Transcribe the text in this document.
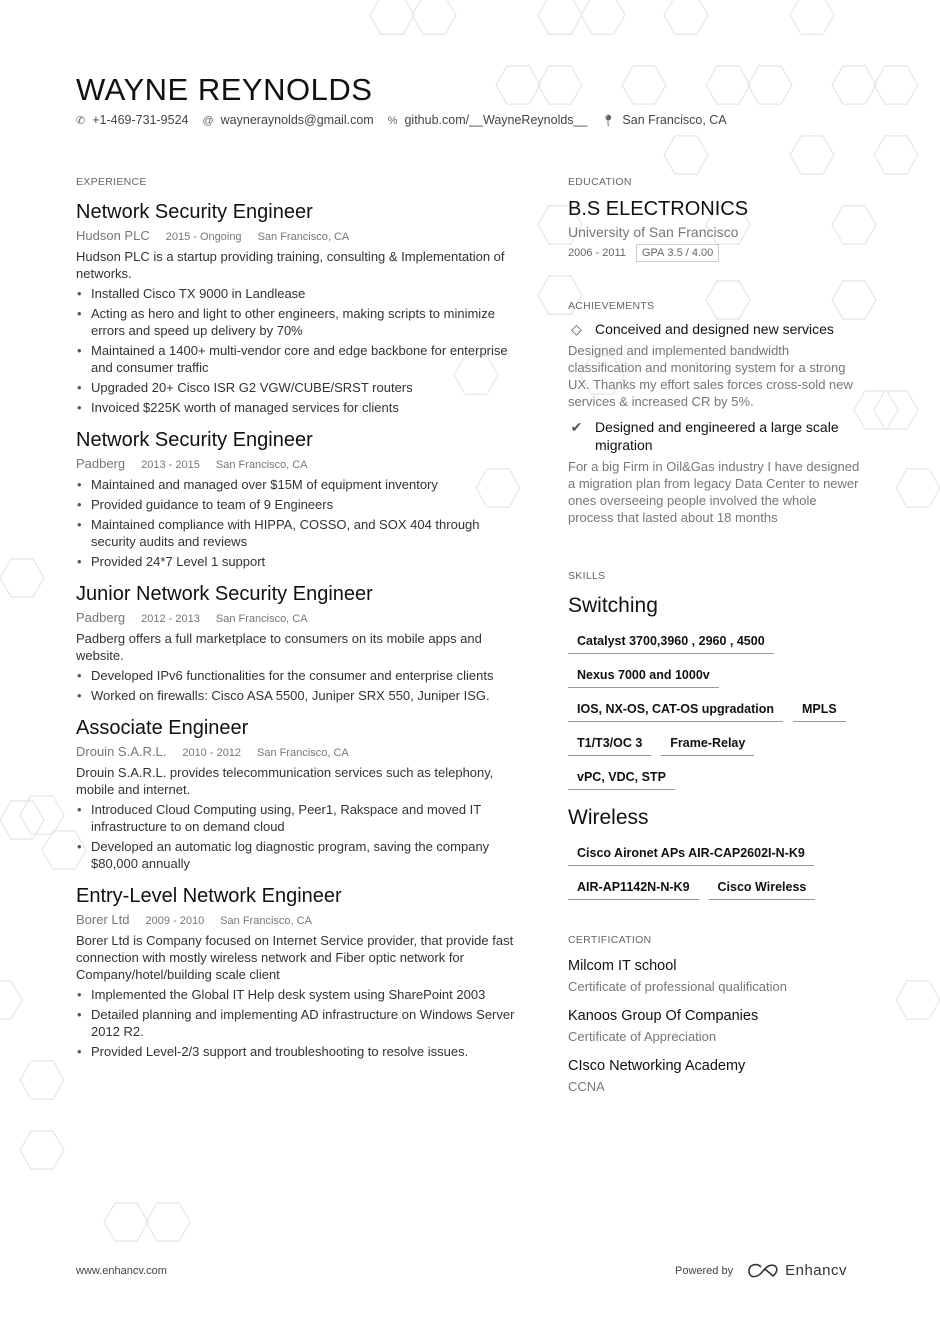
WAYNE REYNOLDS
✆ +1-469-731-9524 @ wayneraynolds@gmail.com % github.com/__WayneReynolds__ 📍︎ San Francisco, CA
EXPERIENCE
Network Security Engineer
Hudson PLC 2015 - Ongoing San Francisco, CA
Hudson PLC is a startup providing training, consulting & Implementation of networks.
• Installed Cisco TX 9000 in Landlease
• Acting as hero and light to other engineers, making scripts to minimize errors and speed up delivery by 70%
• Maintained a 1400+ multi-vendor core and edge backbone for enterprise and consumer traffic
• Upgraded 20+ Cisco ISR G2 VGW/CUBE/SRST routers
• Invoiced $225K worth of managed services for clients
Network Security Engineer
Padberg 2013 - 2015 San Francisco, CA
• Maintained and managed over $15M of equipment inventory
• Provided guidance to team of 9 Engineers
• Maintained compliance with HIPPA, COSSO, and SOX 404 through security audits and reviews
• Provided 24*7 Level 1 support
Junior Network Security Engineer
Padberg 2012 - 2013 San Francisco, CA
Padberg offers a full marketplace to consumers on its mobile apps and website.
• Developed IPv6 functionalities for the consumer and enterprise clients
• Worked on firewalls: Cisco ASA 5500, Juniper SRX 550, Juniper ISG.
Associate Engineer
Drouin S.A.R.L. 2010 - 2012 San Francisco, CA
Drouin S.A.R.L. provides telecommunication services such as telephony, mobile and internet.
• Introduced Cloud Computing using, Peer1, Rakspace and moved IT infrastructure to on demand cloud
• Developed an automatic log diagnostic program, saving the company $80,000 annually
Entry-Level Network Engineer
Borer Ltd 2009 - 2010 San Francisco, CA
Borer Ltd is Company focused on Internet Service provider, that provide fast connection with mostly wireless network and Fiber optic network for Company/hotel/building scale client
• Implemented the Global IT Help desk system using SharePoint 2003
• Detailed planning and implementing AD infrastructure on Windows Server 2012 R2.
• Provided Level-2/3 support and troubleshooting to resolve issues.
EDUCATION
B.S ELECTRONICS
University of San Francisco
2006 - 2011	GPA 3.5 / 4.00
ACHIEVEMENTS
◇ Conceived and designed new services
Designed and implemented bandwidth classification and monitoring system for a strong UX. Thanks my effort sales forces cross-sold new services & increased CR by 5%.
✔ Designed and engineered a large scale migration
For a big Firm in Oil&Gas industry I have designed a migration plan from legacy Data Center to newer ones overseeing people involved the whole process that lasted about 18 months
SKILLS
Switching
Catalyst 3700,3960 , 2960 , 4500
Nexus 7000 and 1000v
IOS, NX-OS, CAT-OS upgradation	MPLS
T1/T3/OC 3	Frame-Relay
vPC, VDC, STP
Wireless
Cisco Aironet APs AIR-CAP2602I-N-K9
AIR-AP1142N-N-K9	Cisco Wireless
CERTIFICATION
Milcom IT school
Certificate of professional qualification
Kanoos Group Of Companies
Certificate of Appreciation
CIsco Networking Academy
CCNA
www.enhancv.com	Powered by	Enhancv
